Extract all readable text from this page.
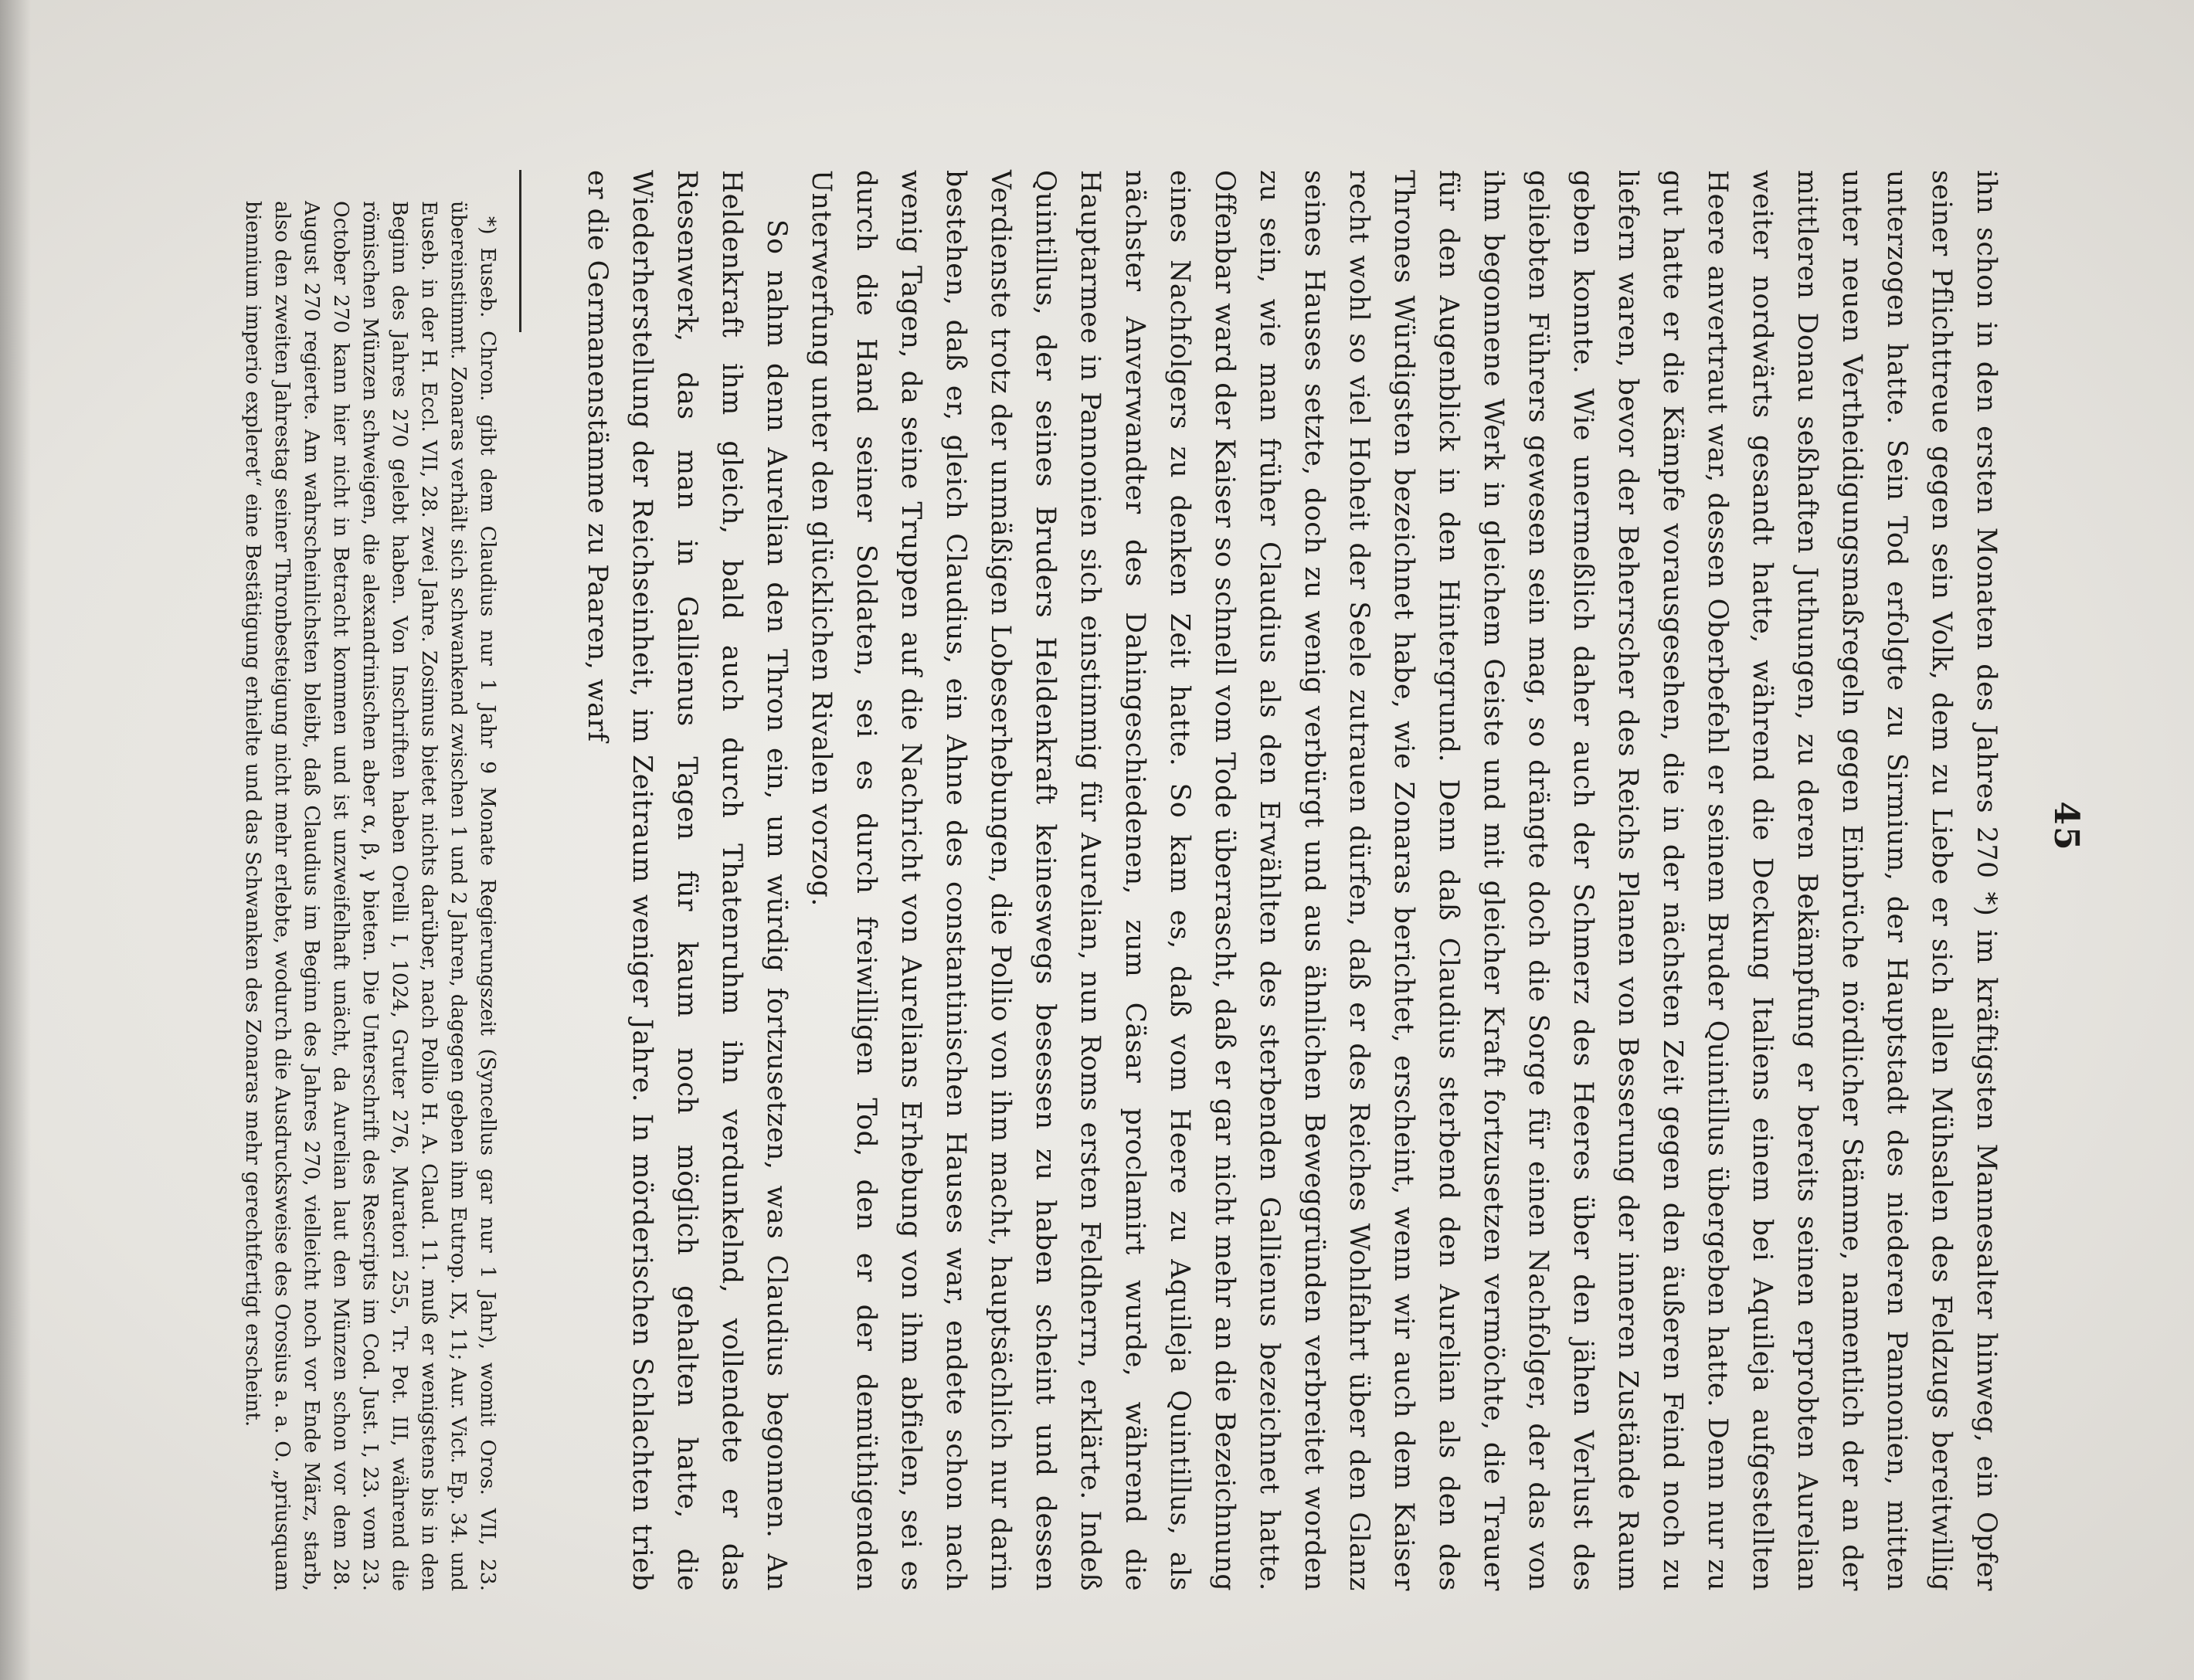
45

ihn schon in den ersten Monaten des Jahres 270 *) im kräftigsten Mannesalter hinweg, ein Opfer seiner Pflichttreue gegen sein Volk, dem zu Liebe er sich allen Mühsalen des Feldzugs bereitwillig unterzogen hatte. Sein Tod erfolgte zu Sirmium, der Hauptstadt des niederen Pannonien, mitten unter neuen Vertheidigungsmaßregeln gegen Einbrüche nördlicher Stämme, namentlich der an der mittleren Donau seßhaften Juthungen, zu deren Bekämpfung er bereits seinen erprobten Aurelian weiter nordwärts gesandt hatte, während die Deckung Italiens einem bei Aquileja aufgestellten Heere anvertraut war, dessen Oberbefehl er seinem Bruder Quintillus übergeben hatte. Denn nur zu gut hatte er die Kämpfe vorausgesehen, die in der nächsten Zeit gegen den äußeren Feind noch zu liefern waren, bevor der Beherrscher des Reichs Planen von Besserung der inneren Zustände Raum geben konnte. Wie unermeßlich daher auch der Schmerz des Heeres über den jähen Verlust des geliebten Führers gewesen sein mag, so drängte doch die Sorge für einen Nachfolger, der das von ihm begonnene Werk in gleichem Geiste und mit gleicher Kraft fortzusetzen vermöchte, die Trauer für den Augenblick in den Hintergrund. Denn daß Claudius sterbend den Aurelian als den des Thrones Würdigsten bezeichnet habe, wie Zonaras berichtet, erscheint, wenn wir auch dem Kaiser recht wohl so viel Hoheit der Seele zutrauen dürfen, daß er des Reiches Wohlfahrt über den Glanz seines Hauses setzte, doch zu wenig verbürgt und aus ähnlichen Beweggründen verbreitet worden zu sein, wie man früher Claudius als den Erwählten des sterbenden Gallienus bezeichnet hatte. Offenbar ward der Kaiser so schnell vom Tode überrascht, daß er gar nicht mehr an die Bezeichnung eines Nachfolgers zu denken Zeit hatte. So kam es, daß vom Heere zu Aquileja Quintillus, als nächster Anverwandter des Dahingeschiedenen, zum Cäsar proclamirt wurde, während die Hauptarmee in Pannonien sich einstimmig für Aurelian, nun Roms ersten Feldherrn, erklärte. Indeß Quintillus, der seines Bruders Heldenkraft keineswegs besessen zu haben scheint und dessen Verdienste trotz der unmäßigen Lobeserhebungen, die Pollio von ihm macht, hauptsächlich nur darin bestehen, daß er, gleich Claudius, ein Ahne des constantinischen Hauses war, endete schon nach wenig Tagen, da seine Truppen auf die Nachricht von Aurelians Erhebung von ihm abfielen, sei es durch die Hand seiner Soldaten, sei es durch freiwilligen Tod, den er der demüthigenden Unterwerfung unter den glücklichen Rivalen vorzog.

So nahm denn Aurelian den Thron ein, um würdig fortzusetzen, was Claudius begonnen. An Heldenkraft ihm gleich, bald auch durch Thatenruhm ihn verdunkelnd, vollendete er das Riesenwerk, das man in Gallienus Tagen für kaum noch möglich gehalten hatte, die Wiederherstellung der Reichseinheit, im Zeitraum weniger Jahre. In mörderischen Schlachten trieb er die Germanenstämme zu Paaren, warf

*) Euseb. Chron. gibt dem Claudius nur 1 Jahr 9 Monate Regierungszeit (Syncellus gar nur 1 Jahr), womit Oros. VII, 23. übereinstimmt. Zonaras verhält sich schwankend zwischen 1 und 2 Jahren, dagegen geben ihm Eutrop. IX, 11; Aur. Vict. Ep. 34. und Euseb. in der H. Eccl. VII, 28. zwei Jahre. Zosimus bietet nichts darüber, nach Pollio H. A. Claud. 11. muß er wenigstens bis in den Beginn des Jahres 270 gelebt haben. Von Inschriften haben Orelli I, 1024, Gruter 276, Muratori 255, Tr. Pot. III, während die römischen Münzen schweigen, die alexandrinischen aber α, β, γ bieten. Die Unterschrift des Rescripts im Cod. Just. I, 23. vom 23. October 270 kann hier nicht in Betracht kommen und ist unzweifelhaft unächt, da Aurelian laut den Münzen schon vor dem 28. August 270 regierte. Am wahrscheinlichsten bleibt, daß Claudius im Beginn des Jahres 270, vielleicht noch vor Ende März, starb, also den zweiten Jahrestag seiner Thronbesteigung nicht mehr erlebte, wodurch die Ausdrucksweise des Orosius a. a. O. „priusquam biennium imperio expleret“ eine Bestätigung erhielte und das Schwanken des Zonaras mehr gerechtfertigt erscheint.
